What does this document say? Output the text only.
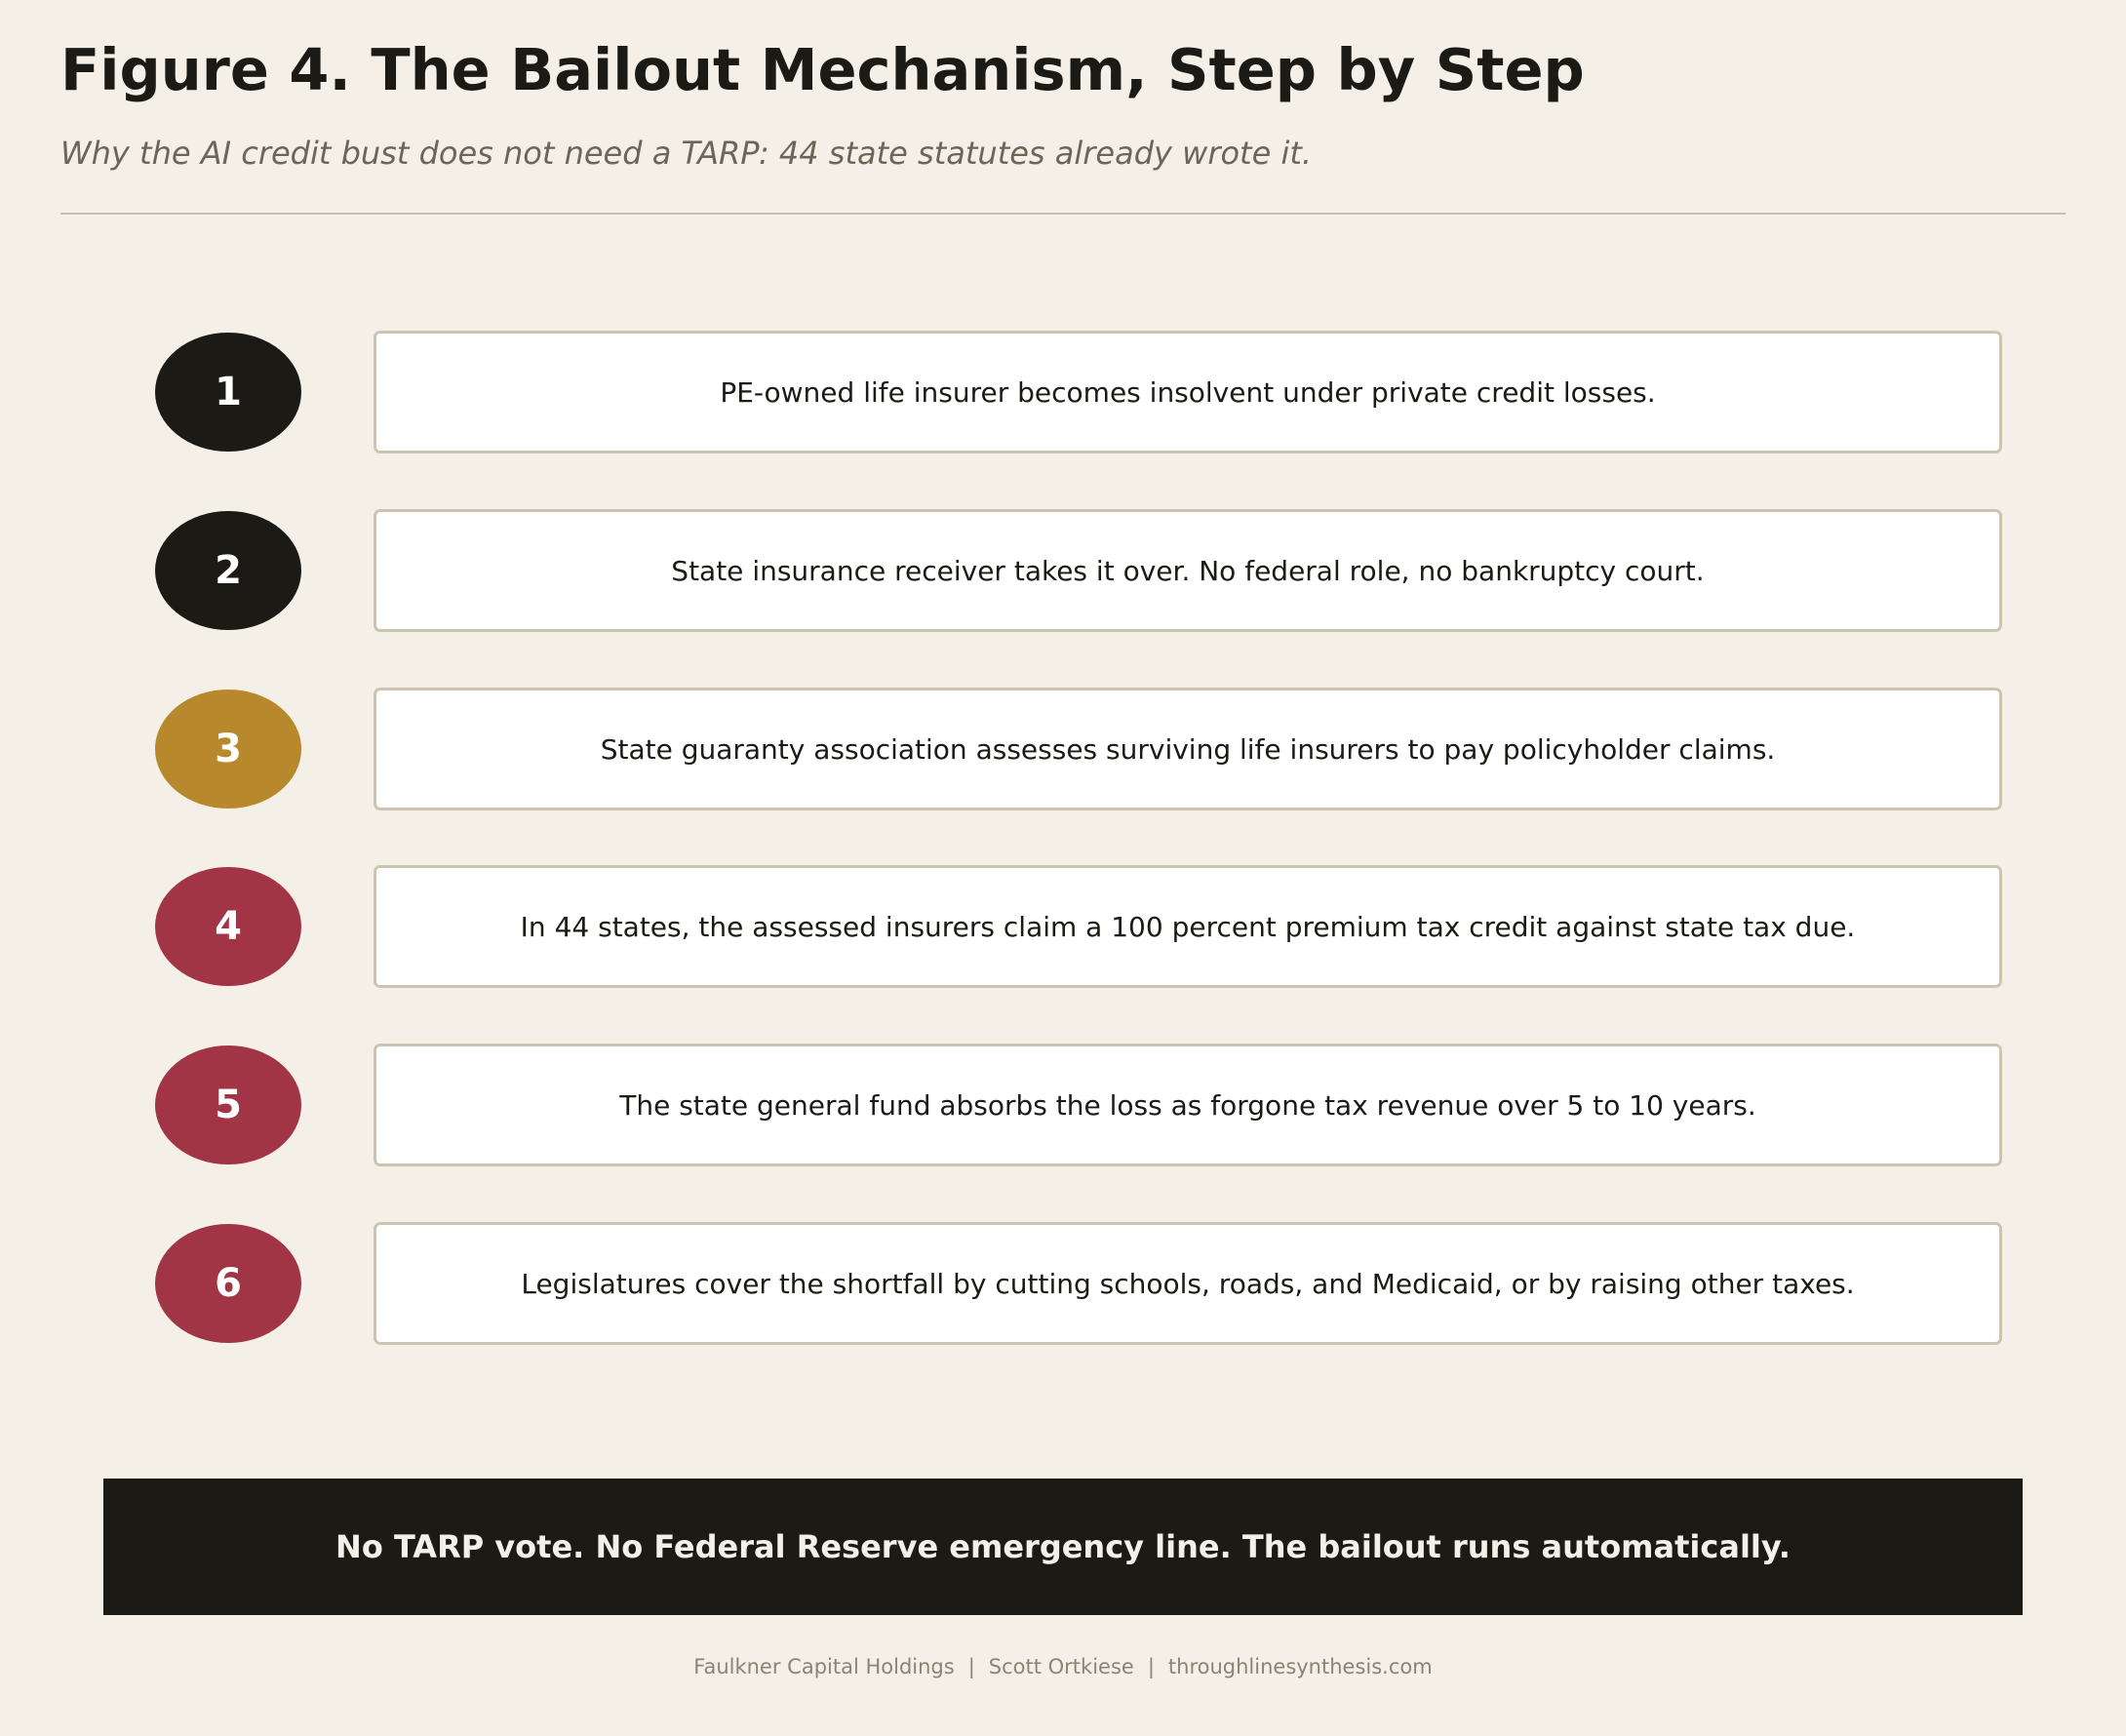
Figure 4. The Bailout Mechanism, Step by Step

Why the AI credit bust does not need a TARP: 44 state statutes already wrote it.

1	PE-owned life insurer becomes insolvent under private credit losses.
2	State insurance receiver takes it over. No federal role, no bankruptcy court.
3	State guaranty association assesses surviving life insurers to pay policyholder claims.
4	In 44 states, the assessed insurers claim a 100 percent premium tax credit against state tax due.
5	The state general fund absorbs the loss as forgone tax revenue over 5 to 10 years.
6	Legislatures cover the shortfall by cutting schools, roads, and Medicaid, or by raising other taxes.
No TARP vote. No Federal Reserve emergency line. The bailout runs automatically.
Faulkner Capital Holdings | Scott Ortkiese | throughlinesynthesis.com
